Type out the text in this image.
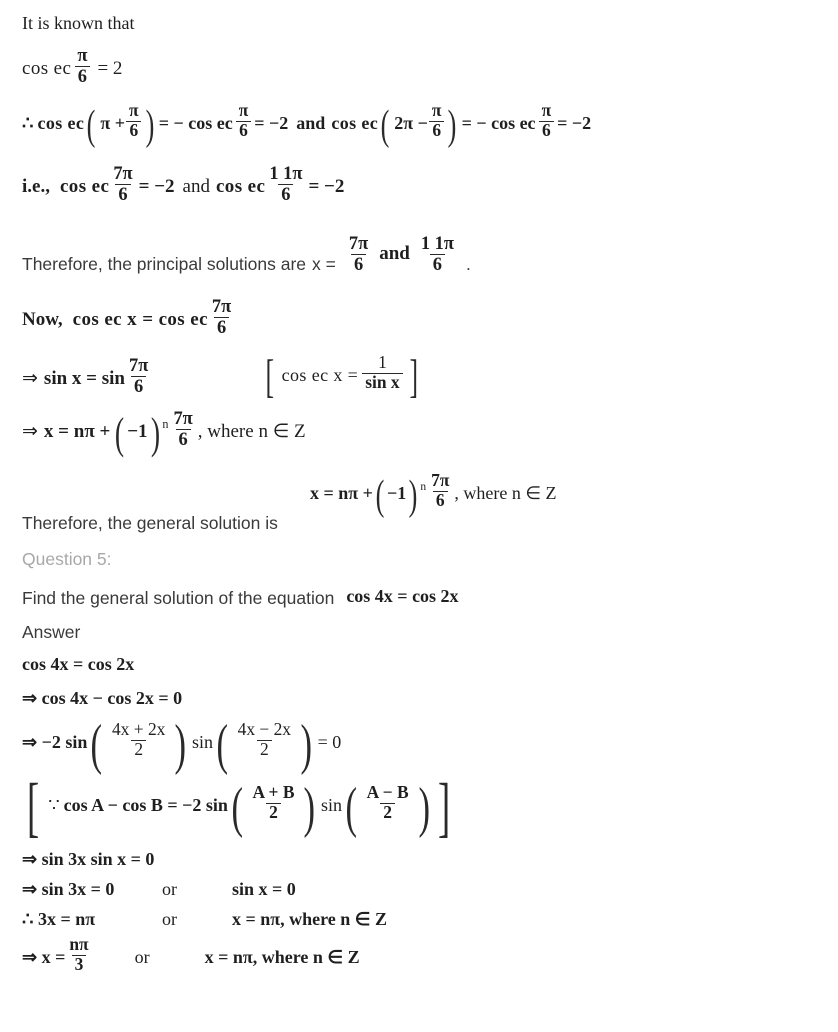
It is known that
cos ec $\frac{\pi}{6} = 2$
∴ cos ec ( $\pi + \frac{\pi}{6}$ ) = − cos ec $\frac{\pi}{6} = -2$ and cos ec ( $2\pi - \frac{\pi}{6}$ ) = − cos ec $\frac{\pi}{6} = -2$
i.e., cos ec $\frac{7\pi}{6} = -2$ and cos ec $\frac{1 1\pi}{6} = -2$
Therefore, the principal solutions are $x = \frac{7\pi}{6}$ and $\frac{1 1\pi}{6}$ .
Now, cos ec x = cos ec $\frac{7\pi}{6}$
⇒ $\sin x = \sin \frac{7\pi}{6}$ [ cos ec $x = \frac{1}{\text{sin x}}$ ]
⇒ x = nπ + ( −1 ) n $\frac{7\pi}{6}$ , where n ∈ Z
x = nπ + ( −1 ) n $\frac{7\pi}{6}$ , where n ∈ Z
Therefore, the general solution is
Question 5:
Find the general solution of the equation cos 4x = cos 2x
Answer
cos 4x = cos 2x
⇒ cos 4x − cos 2x = 0
⇒ −2 sin ( $\frac{4x + 2x}{2}$ ) sin ( $\frac{4x - 2x}{2}$ ) = 0
[ ∵ cos A − cos B = −2 sin ( $\frac{A + B}{2}$ ) sin ( $\frac{A - B}{2}$ ) ]
⇒ sin 3x sin x = 0
⇒ sin 3x = 0	or	sin x = 0
∴ 3x = nπ	or	x = nπ, where n ∈ Z
⇒ $x = \frac{n\pi}{3}$ or	x = nπ, where n ∈ Z
